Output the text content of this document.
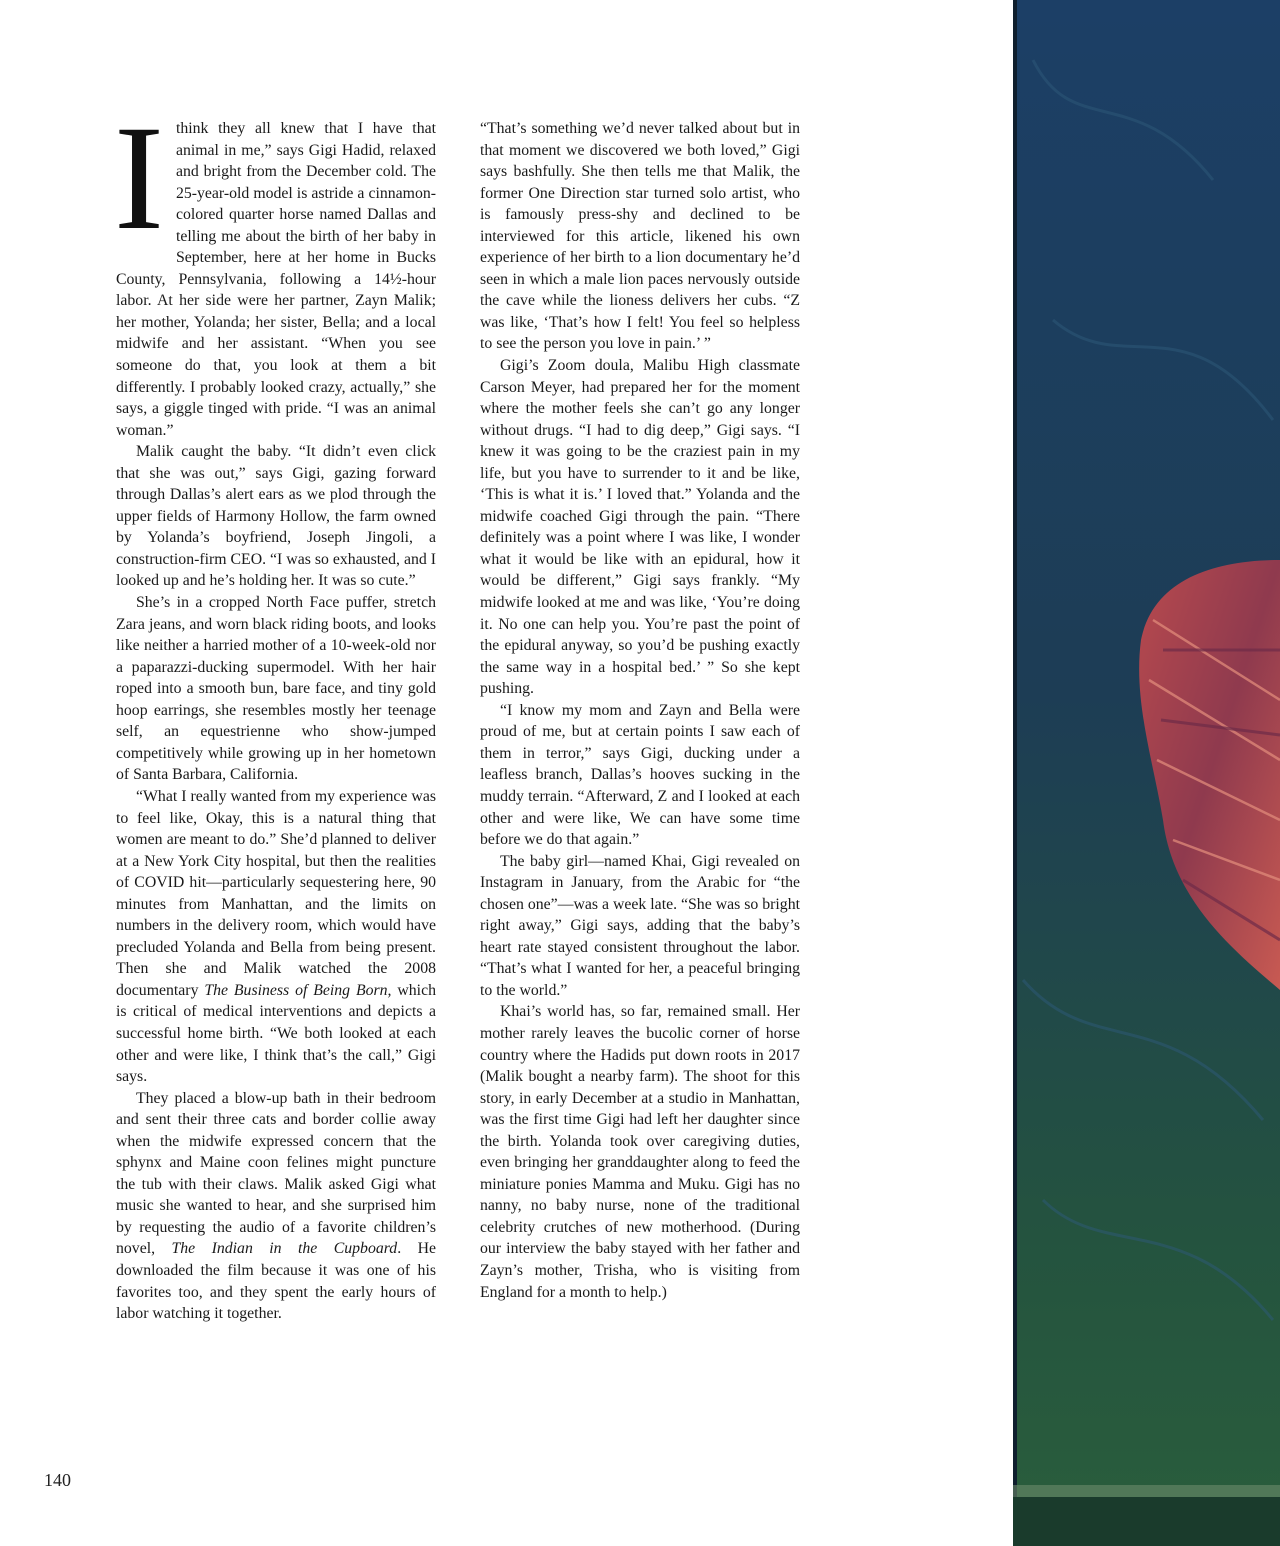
I think they all knew that I have that animal in me,” says Gigi Hadid, relaxed and bright from the December cold. The 25-year-old model is astride a cinnamon-colored quarter horse named Dallas and telling me about the birth of her baby in September, here at her home in Bucks County, Pennsylvania, following a 14½-hour labor. At her side were her partner, Zayn Malik; her mother, Yolanda; her sister, Bella; and a local midwife and her assistant. “When you see someone do that, you look at them a bit differently. I probably looked crazy, actually,” she says, a giggle tinged with pride. “I was an animal woman.”

Malik caught the baby. “It didn’t even click that she was out,” says Gigi, gazing forward through Dallas’s alert ears as we plod through the upper fields of Harmony Hollow, the farm owned by Yolanda’s boyfriend, Joseph Jingoli, a construction-firm CEO. “I was so exhausted, and I looked up and he’s holding her. It was so cute.”

She’s in a cropped North Face puffer, stretch Zara jeans, and worn black riding boots, and looks like neither a harried mother of a 10-week-old nor a paparazzi-ducking supermodel. With her hair roped into a smooth bun, bare face, and tiny gold hoop earrings, she resembles mostly her teenage self, an equestrienne who show-jumped competitively while growing up in her hometown of Santa Barbara, California.

“What I really wanted from my experience was to feel like, Okay, this is a natural thing that women are meant to do.” She’d planned to deliver at a New York City hospital, but then the realities of COVID hit—particularly sequestering here, 90 minutes from Manhattan, and the limits on numbers in the delivery room, which would have precluded Yolanda and Bella from being present. Then she and Malik watched the 2008 documentary The Business of Being Born, which is critical of medical interventions and depicts a successful home birth. “We both looked at each other and were like, I think that’s the call,” Gigi says.

They placed a blow-up bath in their bedroom and sent their three cats and border collie away when the midwife expressed concern that the sphynx and Maine coon felines might puncture the tub with their claws. Malik asked Gigi what music she wanted to hear, and she surprised him by requesting the audio of a favorite children’s novel, The Indian in the Cupboard. He downloaded the film because it was one of his favorites too, and they spent the early hours of labor watching it together.

“That’s something we’d never talked about but in that moment we discovered we both loved,” Gigi says bashfully. She then tells me that Malik, the former One Direction star turned solo artist, who is famously press-shy and declined to be interviewed for this article, likened his own experience of her birth to a lion documentary he’d seen in which a male lion paces nervously outside the cave while the lioness delivers her cubs. “Z was like, ‘That’s how I felt! You feel so helpless to see the person you love in pain.’ ”

Gigi’s Zoom doula, Malibu High classmate Carson Meyer, had prepared her for the moment where the mother feels she can’t go any longer without drugs. “I had to dig deep,” Gigi says. “I knew it was going to be the craziest pain in my life, but you have to surrender to it and be like, ‘This is what it is.’ I loved that.” Yolanda and the midwife coached Gigi through the pain. “There definitely was a point where I was like, I wonder what it would be like with an epidural, how it would be different,” Gigi says frankly. “My midwife looked at me and was like, ‘You’re doing it. No one can help you. You’re past the point of the epidural anyway, so you’d be pushing exactly the same way in a hospital bed.’ ” So she kept pushing.

“I know my mom and Zayn and Bella were proud of me, but at certain points I saw each of them in terror,” says Gigi, ducking under a leafless branch, Dallas’s hooves sucking in the muddy terrain. “Afterward, Z and I looked at each other and were like, We can have some time before we do that again.”

The baby girl—named Khai, Gigi revealed on Instagram in January, from the Arabic for “the chosen one”—was a week late. “She was so bright right away,” Gigi says, adding that the baby’s heart rate stayed consistent throughout the labor. “That’s what I wanted for her, a peaceful bringing to the world.”

Khai’s world has, so far, remained small. Her mother rarely leaves the bucolic corner of horse country where the Hadids put down roots in 2017 (Malik bought a nearby farm). The shoot for this story, in early December at a studio in Manhattan, was the first time Gigi had left her daughter since the birth. Yolanda took over caregiving duties, even bringing her granddaughter along to feed the miniature ponies Mamma and Muku. Gigi has no nanny, no baby nurse, none of the traditional celebrity crutches of new motherhood. (During our interview the baby stayed with her father and Zayn’s mother, Trisha, who is visiting from England for a month to help.)

140
